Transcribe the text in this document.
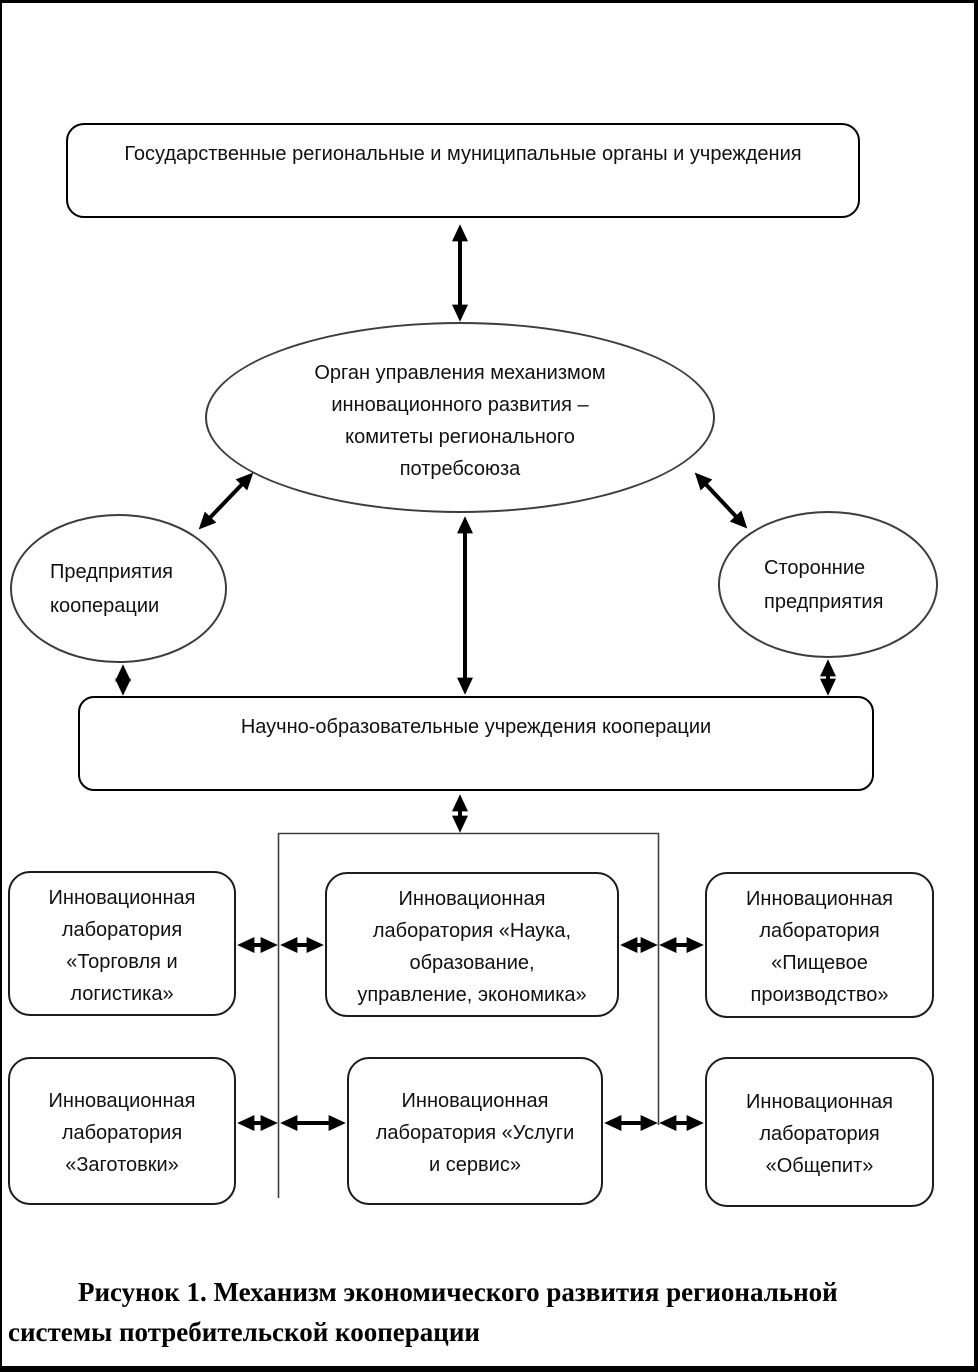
Государственные региональные и муниципальные органы и учреждения
Орган управления механизмом
инновационного развития –
комитеты регионального
потребсоюза
Предприятия
кооперации
Сторонние
предприятия
Научно-образовательные учреждения кооперации
Инновационная
лаборатория
«Торговля и
логистика»
Инновационная
лаборатория «Наука,
образование,
управление, экономика»
Инновационная
лаборатория
«Пищевое
производство»
Инновационная
лаборатория
«Заготовки»
Инновационная
лаборатория «Услуги
и сервис»
Инновационная
лаборатория
«Общепит»
Рисунок 1. Механизм экономического развития региональной
системы потребительской кооперации
